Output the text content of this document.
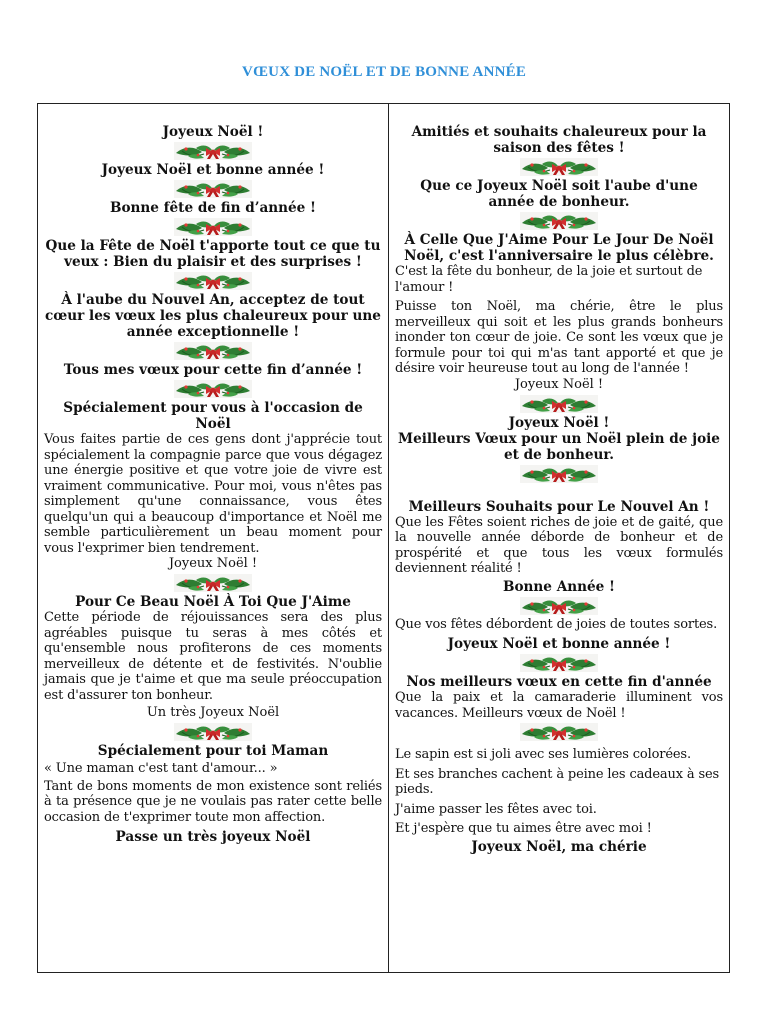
VŒUX DE NOËL ET DE BONNE ANNÉE

Joyeux Noël !

Joyeux Noël et bonne année !

Bonne fête de fin d’année !

Que la Fête de Noël t'apporte tout ce que tu veux : Bien du plaisir et des surprises !

À l'aube du Nouvel An, acceptez de tout cœur les vœux les plus chaleureux pour une année exceptionnelle !

Tous mes vœux pour cette fin d’année !

Spécialement pour vous à l'occasion de Noël

Vous faites partie de ces gens dont j'apprécie tout spécialement la compagnie parce que vous dégagez une énergie positive et que votre joie de vivre est vraiment communicative. Pour moi, vous n'êtes pas simplement qu'une connaissance, vous êtes quelqu'un qui a beaucoup d'importance et Noël me semble particulièrement un beau moment pour vous l'exprimer bien tendrement.

Joyeux Noël !

Pour Ce Beau Noël À Toi Que J'Aime

Cette période de réjouissances sera des plus agréables puisque tu seras à mes côtés et qu'ensemble nous profiterons de ces moments merveilleux de détente et de festivités. N'oublie jamais que je t'aime et que ma seule préoccupation est d'assurer ton bonheur.

Un très Joyeux Noël

Spécialement pour toi Maman

« Une maman c'est tant d'amour... »

Tant de bons moments de mon existence sont reliés à ta présence que je ne voulais pas rater cette belle occasion de t'exprimer toute mon affection.

Passe un très joyeux Noël

Amitiés et souhaits chaleureux pour la saison des fêtes !

Que ce Joyeux Noël soit l'aube d'une année de bonheur.

À Celle Que J'Aime Pour Le Jour De Noël

Noël, c'est l'anniversaire le plus célèbre.

C'est la fête du bonheur, de la joie et surtout de l'amour !

Puisse ton Noël, ma chérie, être le plus merveilleux qui soit et les plus grands bonheurs inonder ton cœur de joie. Ce sont les vœux que je formule pour toi qui m'as tant apporté et que je désire voir heureuse tout au long de l'année !

Joyeux Noël !

Joyeux Noël !

Meilleurs Vœux pour un Noël plein de joie et de bonheur.

Meilleurs Souhaits pour Le Nouvel An !

Que les Fêtes soient riches de joie et de gaité, que la nouvelle année déborde de bonheur et de prospérité et que tous les vœux formulés deviennent réalité !

Bonne Année !

Que vos fêtes débordent de joies de toutes sortes.

Joyeux Noël et bonne année !

Nos meilleurs vœux en cette fin d'année

Que la paix et la camaraderie illuminent vos vacances. Meilleurs vœux de Noël !

Le sapin est si joli avec ses lumières colorées.

Et ses branches cachent à peine les cadeaux à ses pieds.

J'aime passer les fêtes avec toi.

Et j'espère que tu aimes être avec moi !

Joyeux Noël, ma chérie
